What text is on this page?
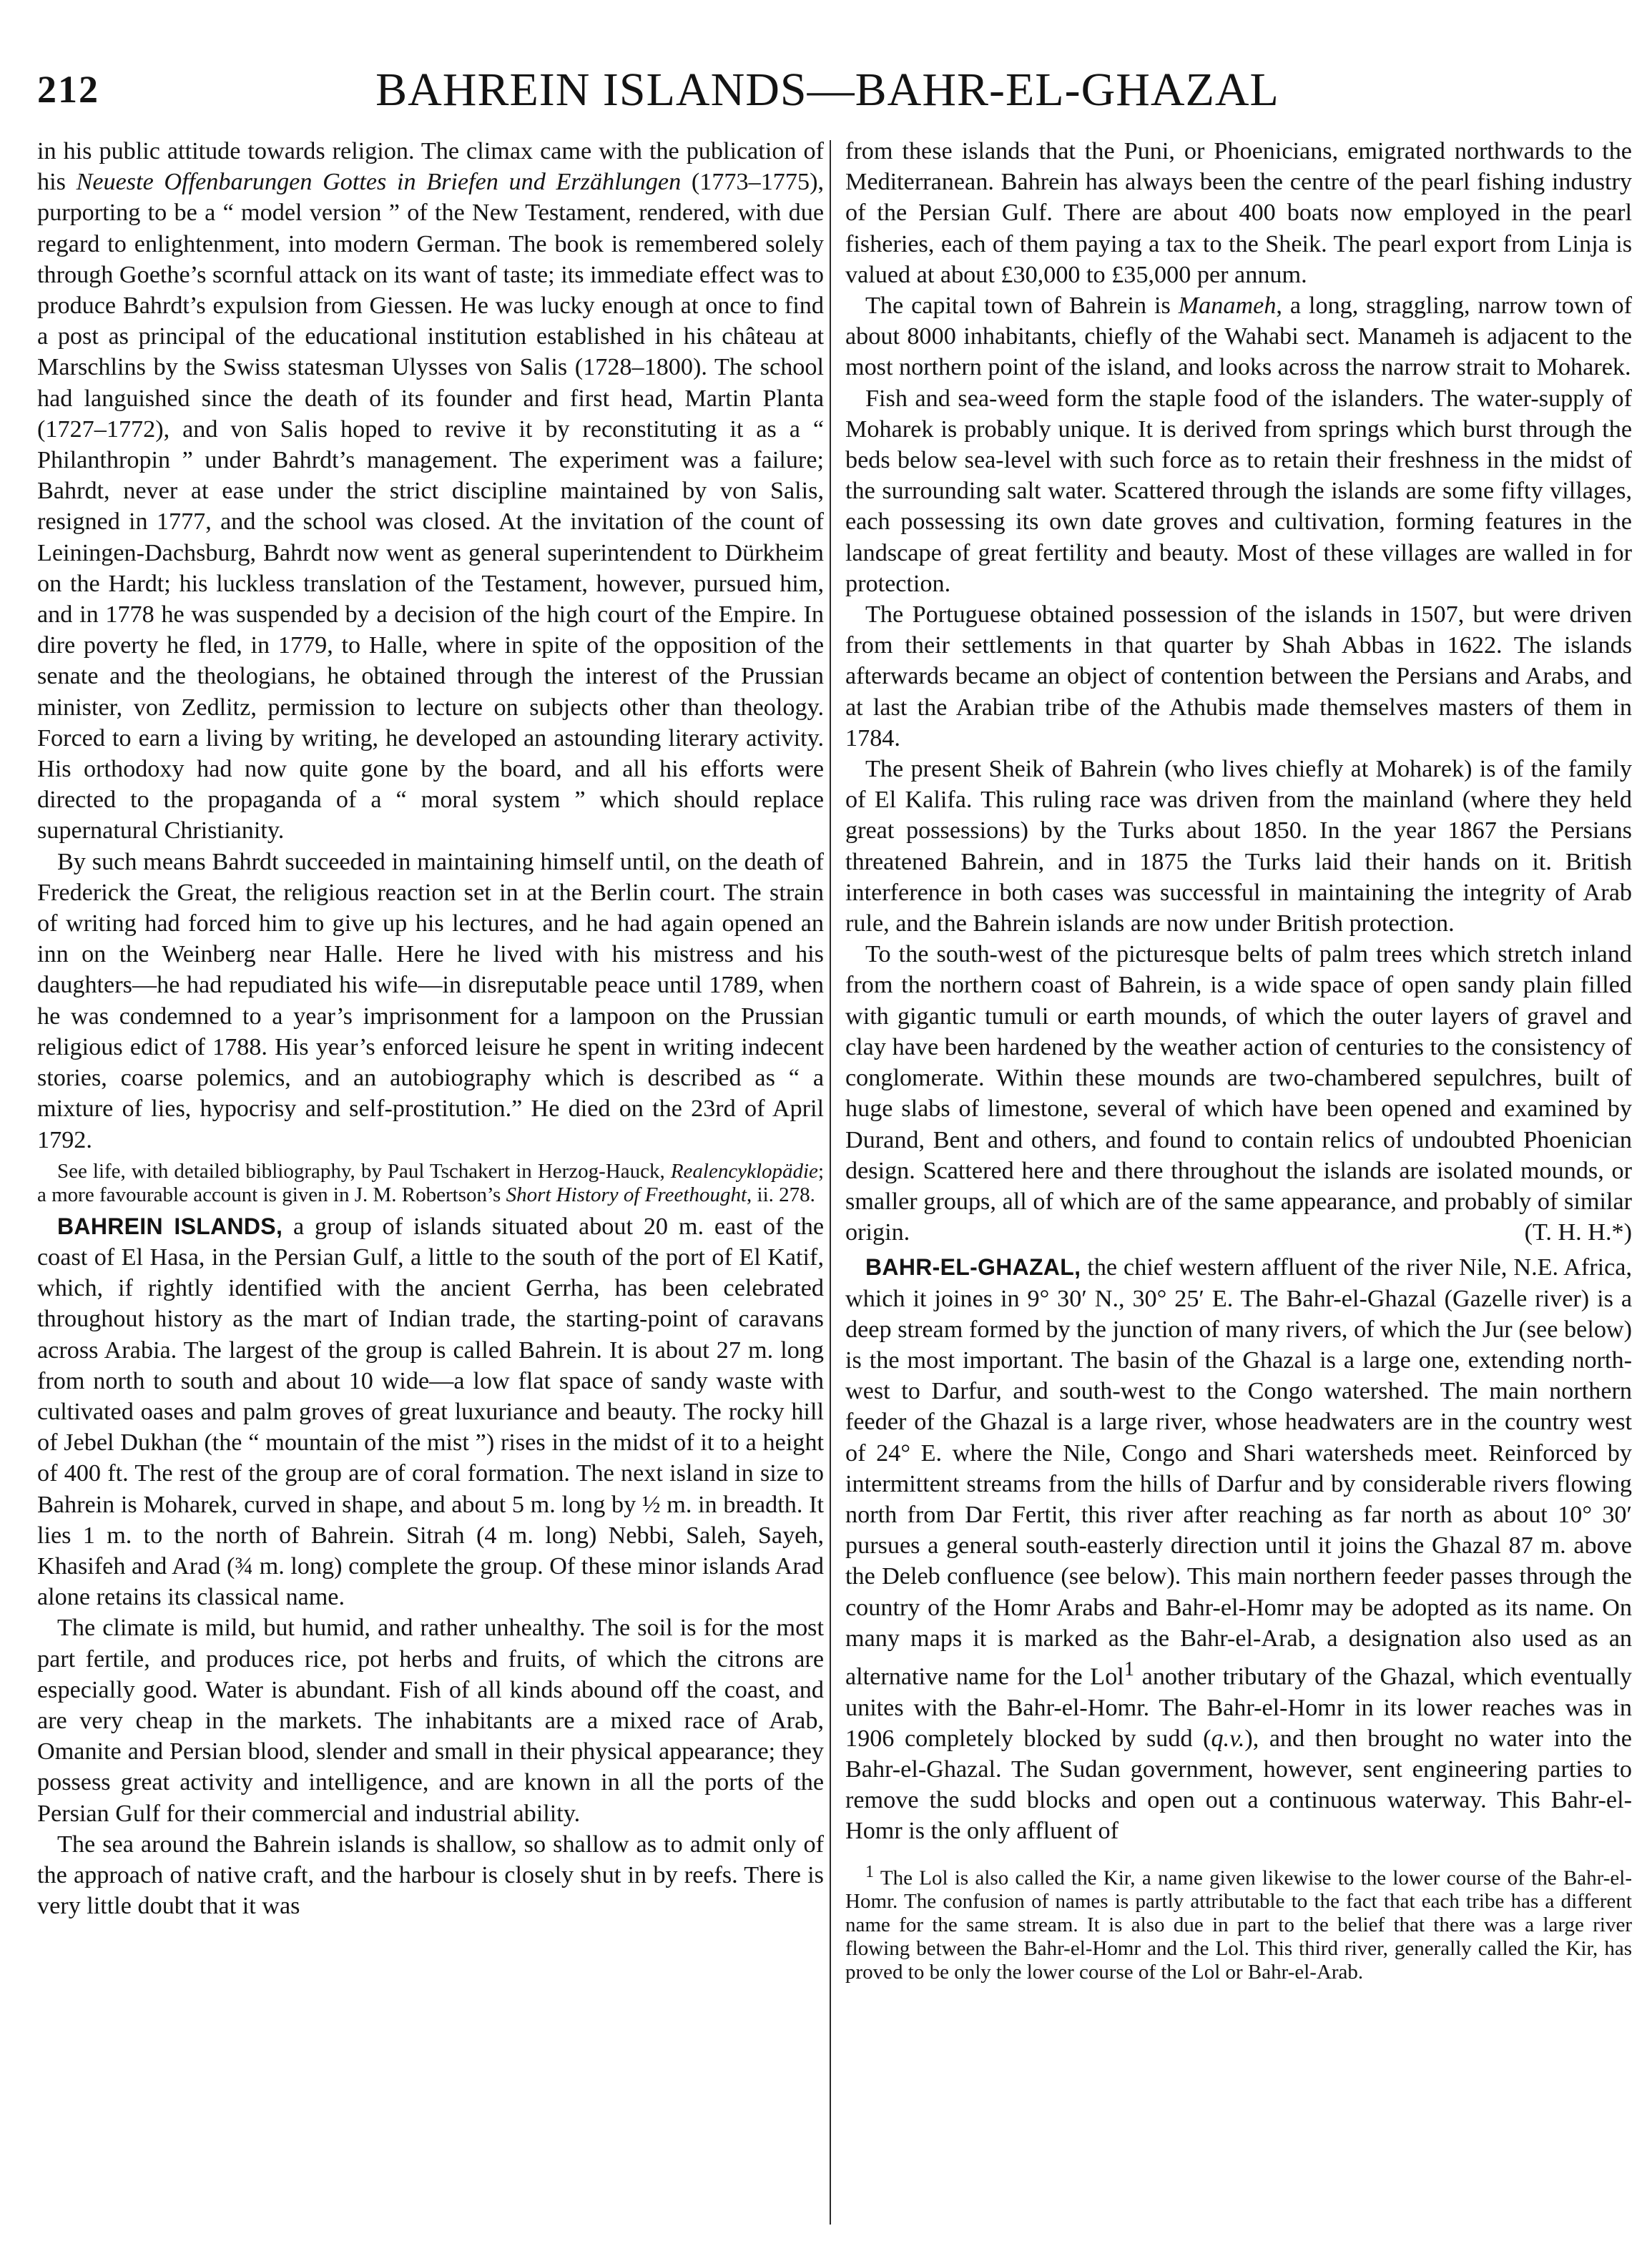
212	BAHREIN ISLANDS—BAHR-EL-GHAZAL

in his public attitude towards religion. The climax came with the publication of his Neueste Offenbarungen Gottes in Briefen und Erzählungen (1773–1775), purporting to be a “ model version ” of the New Testament, rendered, with due regard to enlightenment, into modern German. The book is remembered solely through Goethe’s scornful attack on its want of taste; its immediate effect was to produce Bahrdt’s expulsion from Giessen. He was lucky enough at once to find a post as principal of the educational institution established in his château at Marschlins by the Swiss statesman Ulysses von Salis (1728–1800). The school had languished since the death of its founder and first head, Martin Planta (1727–1772), and von Salis hoped to revive it by reconstituting it as a “ Philanthropin ” under Bahrdt’s management. The experiment was a failure; Bahrdt, never at ease under the strict discipline maintained by von Salis, resigned in 1777, and the school was closed. At the invitation of the count of Leiningen-Dachsburg, Bahrdt now went as general superintendent to Dürkheim on the Hardt; his luckless translation of the Testament, however, pursued him, and in 1778 he was suspended by a decision of the high court of the Empire. In dire poverty he fled, in 1779, to Halle, where in spite of the opposition of the senate and the theologians, he obtained through the interest of the Prussian minister, von Zedlitz, permission to lecture on subjects other than theology. Forced to earn a living by writing, he developed an astounding literary activity. His orthodoxy had now quite gone by the board, and all his efforts were directed to the propaganda of a “ moral system ” which should replace supernatural Christianity.

By such means Bahrdt succeeded in maintaining himself until, on the death of Frederick the Great, the religious reaction set in at the Berlin court. The strain of writing had forced him to give up his lectures, and he had again opened an inn on the Weinberg near Halle. Here he lived with his mistress and his daughters—he had repudiated his wife—in disreputable peace until 1789, when he was condemned to a year’s imprisonment for a lampoon on the Prussian religious edict of 1788. His year’s enforced leisure he spent in writing indecent stories, coarse polemics, and an autobiography which is described as “ a mixture of lies, hypocrisy and self-prostitution.” He died on the 23rd of April 1792.

See life, with detailed bibliography, by Paul Tschakert in Herzog-Hauck, Realencyklopädie; a more favourable account is given in J. M. Robertson’s Short History of Freethought, ii. 278.

BAHREIN ISLANDS, a group of islands situated about 20 m. east of the coast of El Hasa, in the Persian Gulf, a little to the south of the port of El Katif, which, if rightly identified with the ancient Gerrha, has been celebrated throughout history as the mart of Indian trade, the starting-point of caravans across Arabia. The largest of the group is called Bahrein. It is about 27 m. long from north to south and about 10 wide—a low flat space of sandy waste with cultivated oases and palm groves of great luxuriance and beauty. The rocky hill of Jebel Dukhan (the “ mountain of the mist ”) rises in the midst of it to a height of 400 ft. The rest of the group are of coral formation. The next island in size to Bahrein is Moharek, curved in shape, and about 5 m. long by ½ m. in breadth. It lies 1 m. to the north of Bahrein. Sitrah (4 m. long) Nebbi, Saleh, Sayeh, Khasifeh and Arad (¾ m. long) complete the group. Of these minor islands Arad alone retains its classical name.

The climate is mild, but humid, and rather unhealthy. The soil is for the most part fertile, and produces rice, pot herbs and fruits, of which the citrons are especially good. Water is abundant. Fish of all kinds abound off the coast, and are very cheap in the markets. The inhabitants are a mixed race of Arab, Omanite and Persian blood, slender and small in their physical appearance; they possess great activity and intelligence, and are known in all the ports of the Persian Gulf for their commercial and industrial ability.

The sea around the Bahrein islands is shallow, so shallow as to admit only of the approach of native craft, and the harbour is closely shut in by reefs. There is very little doubt that it was

from these islands that the Puni, or Phoenicians, emigrated northwards to the Mediterranean. Bahrein has always been the centre of the pearl fishing industry of the Persian Gulf. There are about 400 boats now employed in the pearl fisheries, each of them paying a tax to the Sheik. The pearl export from Linja is valued at about £30,000 to £35,000 per annum.

The capital town of Bahrein is Manameh, a long, straggling, narrow town of about 8000 inhabitants, chiefly of the Wahabi sect. Manameh is adjacent to the most northern point of the island, and looks across the narrow strait to Moharek.

Fish and sea-weed form the staple food of the islanders. The water-supply of Moharek is probably unique. It is derived from springs which burst through the beds below sea-level with such force as to retain their freshness in the midst of the surrounding salt water. Scattered through the islands are some fifty villages, each possessing its own date groves and cultivation, forming features in the landscape of great fertility and beauty. Most of these villages are walled in for protection.

The Portuguese obtained possession of the islands in 1507, but were driven from their settlements in that quarter by Shah Abbas in 1622. The islands afterwards became an object of contention between the Persians and Arabs, and at last the Arabian tribe of the Athubis made themselves masters of them in 1784.

The present Sheik of Bahrein (who lives chiefly at Moharek) is of the family of El Kalifa. This ruling race was driven from the mainland (where they held great possessions) by the Turks about 1850. In the year 1867 the Persians threatened Bahrein, and in 1875 the Turks laid their hands on it. British interference in both cases was successful in maintaining the integrity of Arab rule, and the Bahrein islands are now under British protection.

To the south-west of the picturesque belts of palm trees which stretch inland from the northern coast of Bahrein, is a wide space of open sandy plain filled with gigantic tumuli or earth mounds, of which the outer layers of gravel and clay have been hardened by the weather action of centuries to the consistency of conglomerate. Within these mounds are two-chambered sepulchres, built of huge slabs of limestone, several of which have been opened and examined by Durand, Bent and others, and found to contain relics of undoubted Phoenician design. Scattered here and there throughout the islands are isolated mounds, or smaller groups, all of which are of the same appearance, and probably of similar origin.	(T. H. H.*)

BAHR-EL-GHAZAL, the chief western affluent of the river Nile, N.E. Africa, which it joines in 9° 30′ N., 30° 25′ E. The Bahr-el-Ghazal (Gazelle river) is a deep stream formed by the junction of many rivers, of which the Jur (see below) is the most important. The basin of the Ghazal is a large one, extending north-west to Darfur, and south-west to the Congo watershed. The main northern feeder of the Ghazal is a large river, whose headwaters are in the country west of 24° E. where the Nile, Congo and Shari watersheds meet. Reinforced by intermittent streams from the hills of Darfur and by considerable rivers flowing north from Dar Fertit, this river after reaching as far north as about 10° 30′ pursues a general south-easterly direction until it joins the Ghazal 87 m. above the Deleb confluence (see below). This main northern feeder passes through the country of the Homr Arabs and Bahr-el-Homr may be adopted as its name. On many maps it is marked as the Bahr-el-Arab, a designation also used as an alternative name for the Lol$^1$ another tributary of the Ghazal, which eventually unites with the Bahr-el-Homr. The Bahr-el-Homr in its lower reaches was in 1906 completely blocked by sudd (q.v.), and then brought no water into the Bahr-el-Ghazal. The Sudan government, however, sent engineering parties to remove the sudd blocks and open out a continuous waterway. This Bahr-el-Homr is the only affluent of

$^1$ The Lol is also called the Kir, a name given likewise to the lower course of the Bahr-el-Homr. The confusion of names is partly attributable to the fact that each tribe has a different name for the same stream. It is also due in part to the belief that there was a large river flowing between the Bahr-el-Homr and the Lol. This third river, generally called the Kir, has proved to be only the lower course of the Lol or Bahr-el-Arab.
